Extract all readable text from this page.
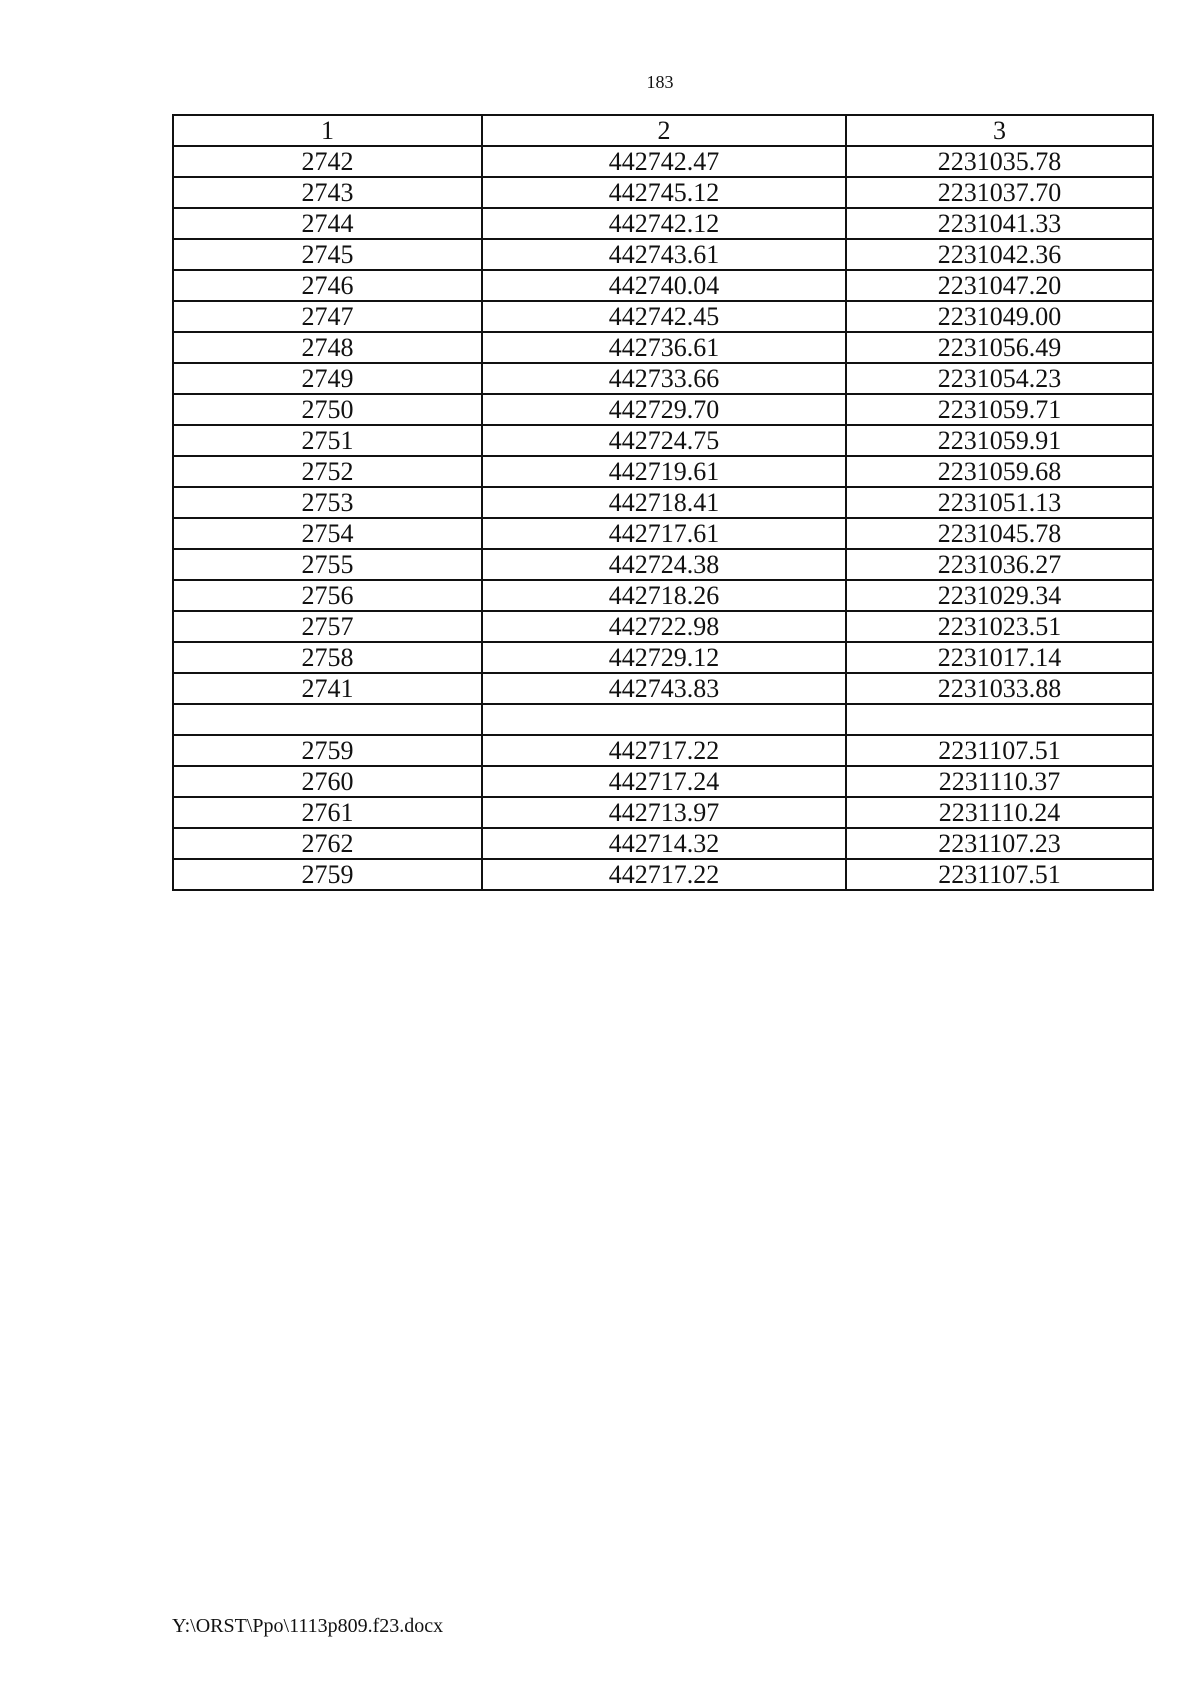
183
1	2	3
2742	442742.47	2231035.78
2743	442745.12	2231037.70
2744	442742.12	2231041.33
2745	442743.61	2231042.36
2746	442740.04	2231047.20
2747	442742.45	2231049.00
2748	442736.61	2231056.49
2749	442733.66	2231054.23
2750	442729.70	2231059.71
2751	442724.75	2231059.91
2752	442719.61	2231059.68
2753	442718.41	2231051.13
2754	442717.61	2231045.78
2755	442724.38	2231036.27
2756	442718.26	2231029.34
2757	442722.98	2231023.51
2758	442729.12	2231017.14
2741	442743.83	2231033.88

2759	442717.22	2231107.51
2760	442717.24	2231110.37
2761	442713.97	2231110.24
2762	442714.32	2231107.23
2759	442717.22	2231107.51
Y:\ORST\Ppo\1113p809.f23.docx
